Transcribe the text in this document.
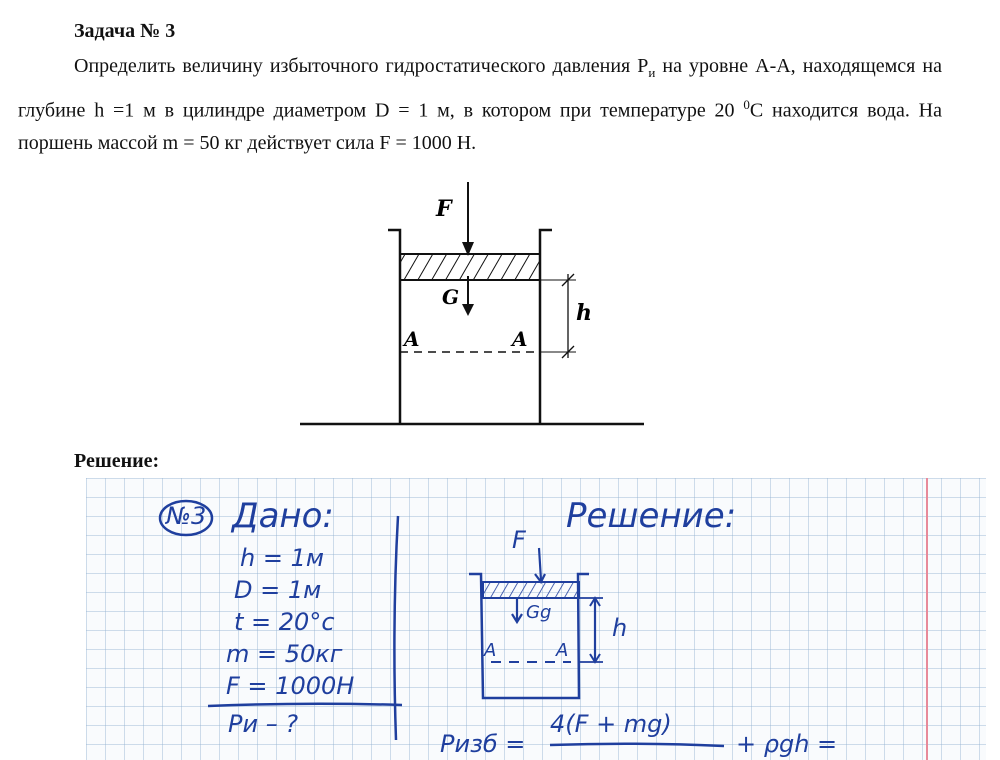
Задача № 3
Определить величину избыточного гидростатического давления $Р_и$ на уровне А-А, находящемся на глубине h =1 м в цилиндре диаметром D = 1 м, в котором при температуре 20 $^0$С находится вода. На поршень массой m = 50 кг действует сила F = 1000 Н.
F
G
A	A
h
Решение:
№3 Дано:
h = 1м
D = 1м
t = 20°c
m = 50кг
F = 1000Н
Ри – ?
Решение:
F
Gg
h
A	A
Ризб =
4(F + mg)
+ ρgh =
